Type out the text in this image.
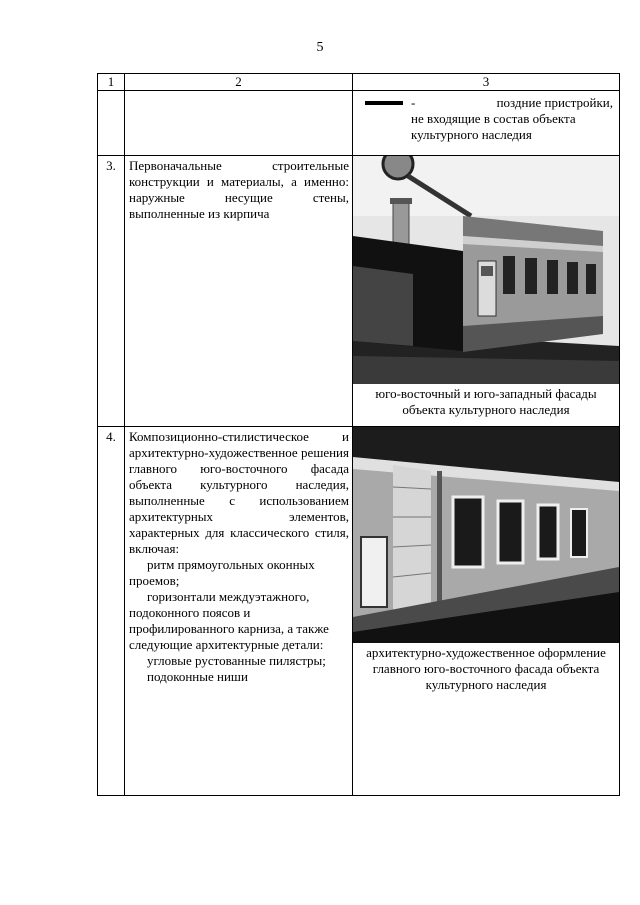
5
1	2	3

		- поздние пристройки,
не входящие в состав объекта
культурного наследия

3.	Первоначальные строительные конструкции и материалы, а именно: наружные несущие стены, выполненные из кирпича	юго-восточный и юго-западный фасады объекта культурного наследия

4.	Композиционно-стилистическое и архитектурно-художественное решения главного юго-восточного фасада объекта культурного наследия, выполненные с использованием архитектурных элементов, характерных для классического стиля, включая:

ритм прямоугольных оконных проемов;

горизонтали междуэтажного, подоконного поясов и профилированного карниза, а также следующие архитектурные детали:

угловые рустованные пилястры;

подоконные ниши	архитектурно-художественное оформление главного юго-восточного фасада объекта культурного наследия
